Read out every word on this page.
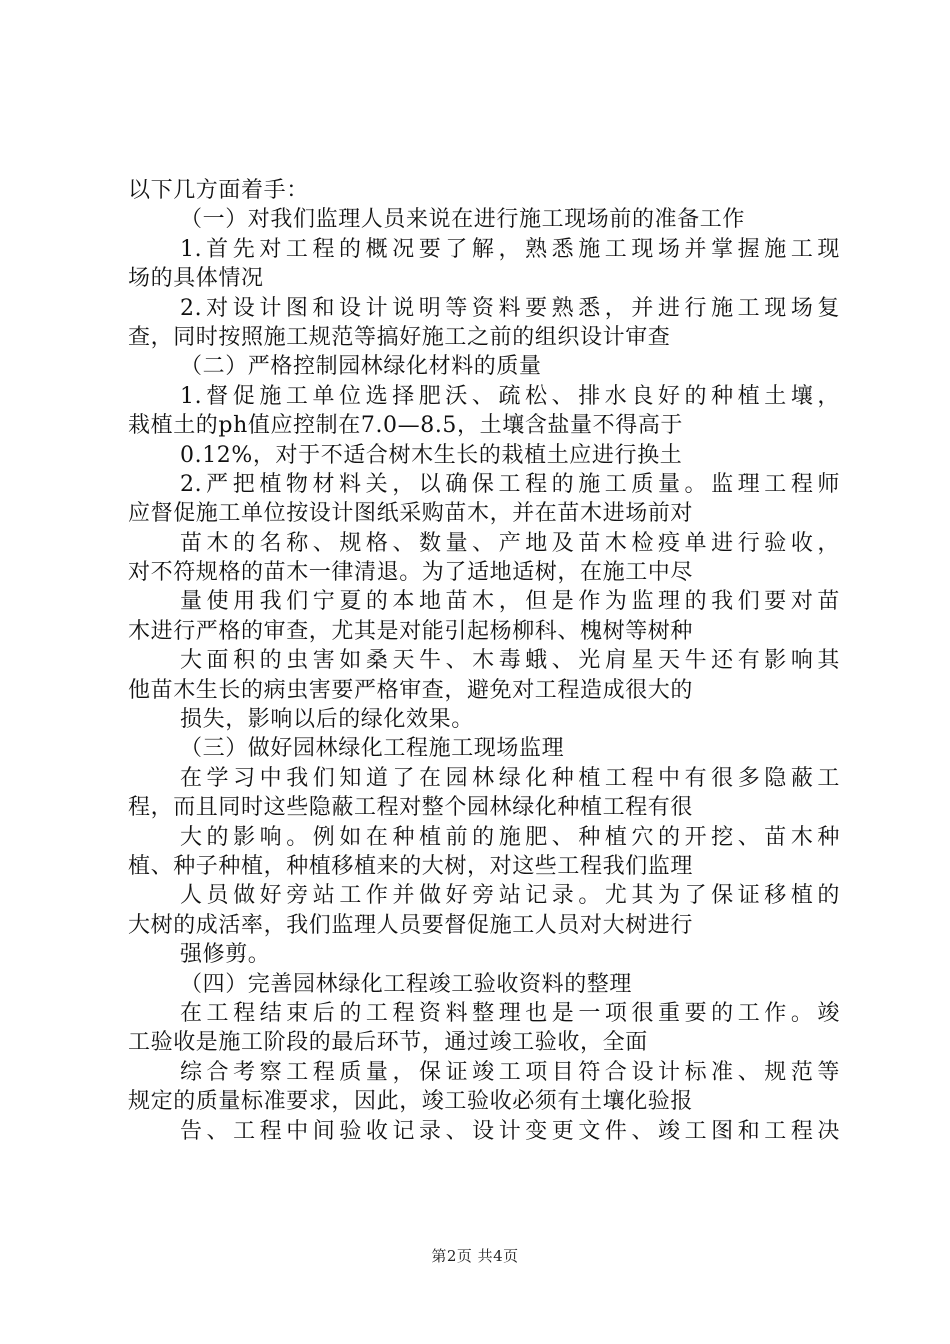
以下几方面着手：
（一）对我们监理人员来说在进行施工现场前的准备工作
1.首先对工程的概况要了解，熟悉施工现场并掌握施工现
场的具体情况
2.对设计图和设计说明等资料要熟悉，并进行施工现场复
查，同时按照施工规范等搞好施工之前的组织设计审查
（二）严格控制园林绿化材料的质量
1.督促施工单位选择肥沃、疏松、排水良好的种植土壤，
栽植土的ph值应控制在7.0—8.5，土壤含盐量不得高于
0.12%，对于不适合树木生长的栽植土应进行换土
2.严把植物材料关，以确保工程的施工质量。监理工程师
应督促施工单位按设计图纸采购苗木，并在苗木进场前对
苗木的名称、规格、数量、产地及苗木检疫单进行验收，
对不符规格的苗木一律清退。为了适地适树，在施工中尽
量使用我们宁夏的本地苗木，但是作为监理的我们要对苗
木进行严格的审查，尤其是对能引起杨柳科、槐树等树种
大面积的虫害如桑天牛、木毒蛾、光肩星天牛还有影响其
他苗木生长的病虫害要严格审查，避免对工程造成很大的
损失，影响以后的绿化效果。
（三）做好园林绿化工程施工现场监理
在学习中我们知道了在园林绿化种植工程中有很多隐蔽工
程，而且同时这些隐蔽工程对整个园林绿化种植工程有很
大的影响。例如在种植前的施肥、种植穴的开挖、苗木种
植、种子种植，种植移植来的大树，对这些工程我们监理
人员做好旁站工作并做好旁站记录。尤其为了保证移植的
大树的成活率，我们监理人员要督促施工人员对大树进行
强修剪。
（四）完善园林绿化工程竣工验收资料的整理
在工程结束后的工程资料整理也是一项很重要的工作。竣
工验收是施工阶段的最后环节，通过竣工验收，全面
综合考察工程质量，保证竣工项目符合设计标准、规范等
规定的质量标准要求，因此，竣工验收必须有土壤化验报
告、工程中间验收记录、设计变更文件、竣工图和工程决
第2页 共4页
